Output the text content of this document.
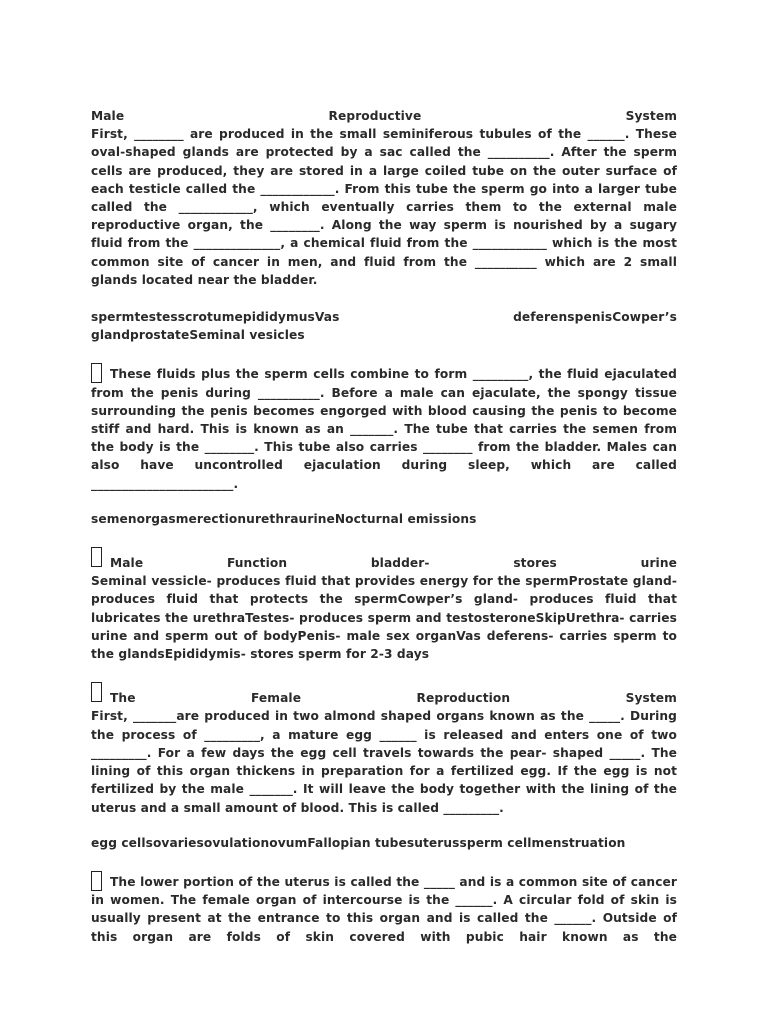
Male	Reproductive	System

First, ________ are produced in the small seminiferous tubules of the ______. These oval-shaped glands are protected by a sac called the __________. After the sperm cells are produced, they are stored in a large coiled tube on the outer surface of each testicle called the ____________. From this tube the sperm go into a larger tube called the ____________, which eventually carries them to the external male reproductive organ, the ________. Along the way sperm is nourished by a sugary fluid from the ______________, a chemical fluid from the ____________ which is the most common site of cancer in men, and fluid from the __________ which are 2 small glands located near the bladder.

spermtestesscrotumepididymusVas	deferenspenisCowper’s

glandprostateSeminal vesicles

These fluids plus the sperm cells combine to form _________, the fluid ejaculated from the penis during __________. Before a male can ejaculate, the spongy tissue surrounding the penis becomes engorged with blood causing the penis to become stiff and hard. This is known as an _______. The tube that carries the semen from the body is the ________. This tube also carries ________ from the bladder. Males can also have uncontrolled ejaculation during sleep, which are called _______________________.

semenorgasmerectionurethraurineNocturnal emissions

Male	Function	bladder-	stores	urine

Seminal vessicle- produces fluid that provides energy for the spermProstate gland- produces fluid that protects the spermCowper’s gland- produces fluid that lubricates the urethraTestes- produces sperm and testosteroneSkipUrethra- carries urine and sperm out of bodyPenis- male sex organVas deferens- carries sperm to the glandsEpididymis- stores sperm for 2-3 days

The	Female	Reproduction	System

First, _______are produced in two almond shaped organs known as the _____. During the process of _________, a mature egg ______ is released and enters one of two _________. For a few days the egg cell travels towards the pear- shaped _____. The lining of this organ thickens in preparation for a fertilized egg. If the egg is not fertilized by the male _______. It will leave the body together with the lining of the uterus and a small amount of blood. This is called _________.

egg cellsovariesovulationovumFallopian tubesuterussperm cellmenstruation

The lower portion of the uterus is called the _____ and is a common site of cancer in women. The female organ of intercourse is the ______. A circular fold of skin is usually present at the entrance to this organ and is called the ______. Outside of this organ are folds of skin covered with pubic hair known as the
